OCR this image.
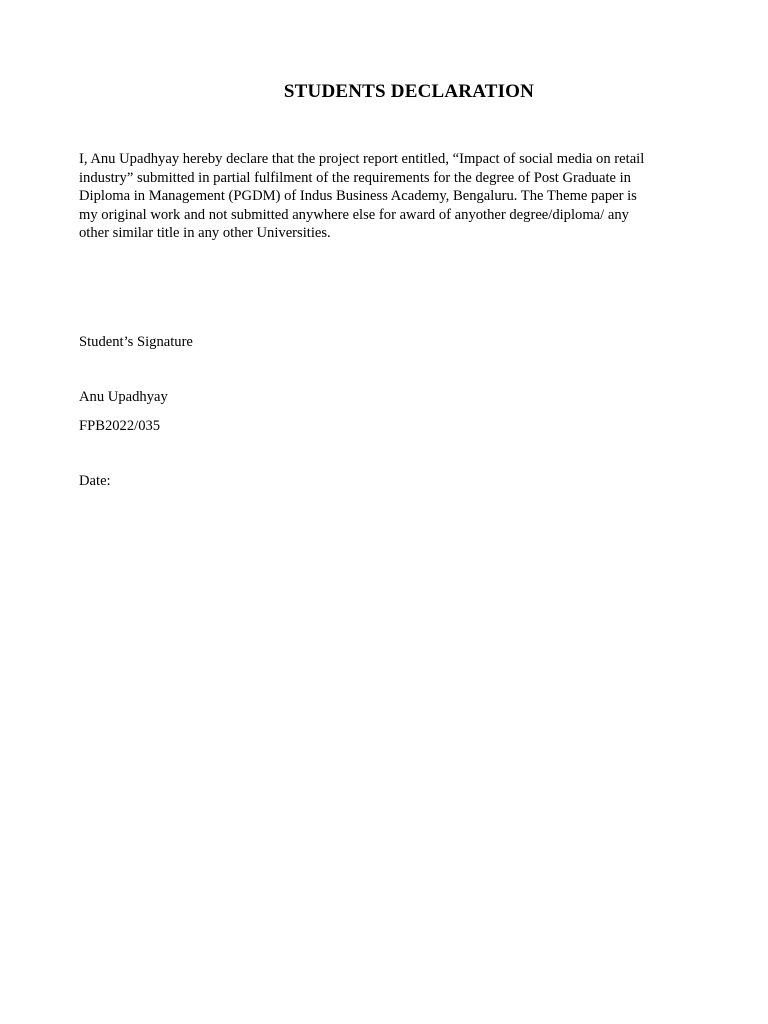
STUDENTS DECLARATION

I, Anu Upadhyay hereby declare that the project report entitled, “Impact of social media on retail
industry” submitted in partial fulfilment of the requirements for the degree of Post Graduate in
Diploma in Management (PGDM) of Indus Business Academy, Bengaluru. The Theme paper is
my original work and not submitted anywhere else for award of anyother degree/diploma/ any
other similar title in any other Universities.

Student’s Signature

Anu Upadhyay

FPB2022/035

Date:
